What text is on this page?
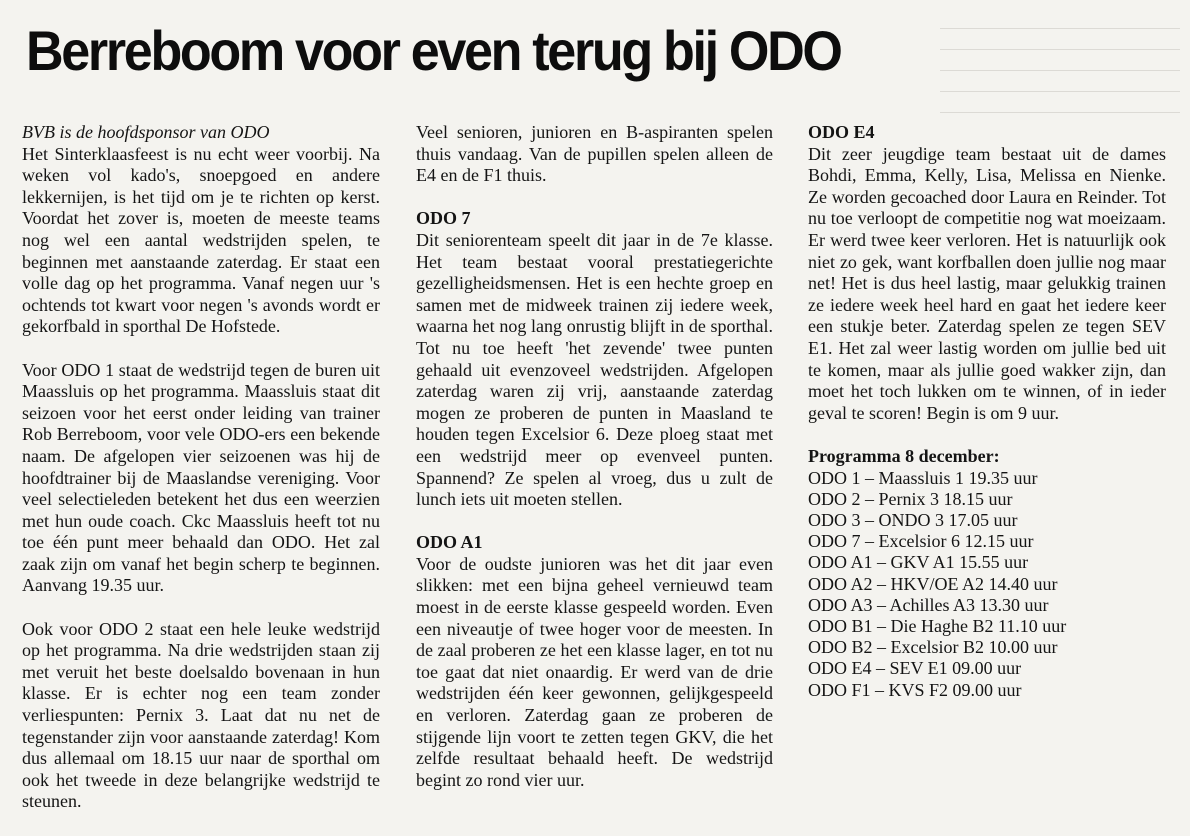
Berreboom voor even terug bij ODO

BVB is de hoofdsponsor van ODO

Het Sinterklaasfeest is nu echt weer voorbij. Na weken vol kado's, snoepgoed en andere lekkernijen, is het tijd om je te richten op kerst. Voordat het zover is, moeten de meeste teams nog wel een aantal wedstrijden spelen, te beginnen met aanstaande zaterdag. Er staat een volle dag op het programma. Vanaf negen uur 's ochtends tot kwart voor negen 's avonds wordt er gekorfbald in sporthal De Hofstede.

Voor ODO 1 staat de wedstrijd tegen de buren uit Maassluis op het programma. Maassluis staat dit seizoen voor het eerst onder leiding van trainer Rob Berreboom, voor vele ODO-ers een bekende naam. De afgelopen vier seizoenen was hij de hoofdtrainer bij de Maaslandse vereniging. Voor veel selectieleden betekent het dus een weerzien met hun oude coach. Ckc Maassluis heeft tot nu toe één punt meer behaald dan ODO. Het zal zaak zijn om vanaf het begin scherp te beginnen. Aanvang 19.35 uur.

Ook voor ODO 2 staat een hele leuke wedstrijd op het programma. Na drie wedstrijden staan zij met veruit het beste doelsaldo bovenaan in hun klasse. Er is echter nog een team zonder verliespunten: Pernix 3. Laat dat nu net de tegenstander zijn voor aanstaande zaterdag! Kom dus allemaal om 18.15 uur naar de sporthal om ook het tweede in deze belangrijke wedstrijd te steunen.

Veel senioren, junioren en B-aspiranten spelen thuis vandaag. Van de pupillen spelen alleen de E4 en de F1 thuis.

ODO 7

Dit seniorenteam speelt dit jaar in de 7e klasse. Het team bestaat vooral prestatiegerichte gezelligheidsmensen. Het is een hechte groep en samen met de midweek trainen zij iedere week, waarna het nog lang onrustig blijft in de sporthal. Tot nu toe heeft 'het zevende' twee punten gehaald uit evenzoveel wedstrijden. Afgelopen zaterdag waren zij vrij, aanstaande zaterdag mogen ze proberen de punten in Maasland te houden tegen Excelsior 6. Deze ploeg staat met een wedstrijd meer op evenveel punten. Spannend? Ze spelen al vroeg, dus u zult de lunch iets uit moeten stellen.

ODO A1

Voor de oudste junioren was het dit jaar even slikken: met een bijna geheel vernieuwd team moest in de eerste klasse gespeeld worden. Even een niveautje of twee hoger voor de meesten. In de zaal proberen ze het een klasse lager, en tot nu toe gaat dat niet onaardig. Er werd van de drie wedstrijden één keer gewonnen, gelijkgespeeld en verloren. Zaterdag gaan ze proberen de stijgende lijn voort te zetten tegen GKV, die het zelfde resultaat behaald heeft. De wedstrijd begint zo rond vier uur.

ODO E4

Dit zeer jeugdige team bestaat uit de dames Bohdi, Emma, Kelly, Lisa, Melissa en Nienke. Ze worden gecoached door Laura en Reinder. Tot nu toe verloopt de competitie nog wat moeizaam. Er werd twee keer verloren. Het is natuurlijk ook niet zo gek, want korfballen doen jullie nog maar net! Het is dus heel lastig, maar gelukkig trainen ze iedere week heel hard en gaat het iedere keer een stukje beter. Zaterdag spelen ze tegen SEV E1. Het zal weer lastig worden om jullie bed uit te komen, maar als jullie goed wakker zijn, dan moet het toch lukken om te winnen, of in ieder geval te scoren! Begin is om 9 uur.

Programma 8 december:
ODO 1 – Maassluis 1 19.35 uur
ODO 2 – Pernix 3 18.15 uur
ODO 3 – ONDO 3 17.05 uur
ODO 7 – Excelsior 6 12.15 uur
ODO A1 – GKV A1 15.55 uur
ODO A2 – HKV/OE A2 14.40 uur
ODO A3 – Achilles A3 13.30 uur
ODO B1 – Die Haghe B2 11.10 uur
ODO B2 – Excelsior B2 10.00 uur
ODO E4 – SEV E1 09.00 uur
ODO F1 – KVS F2 09.00 uur
